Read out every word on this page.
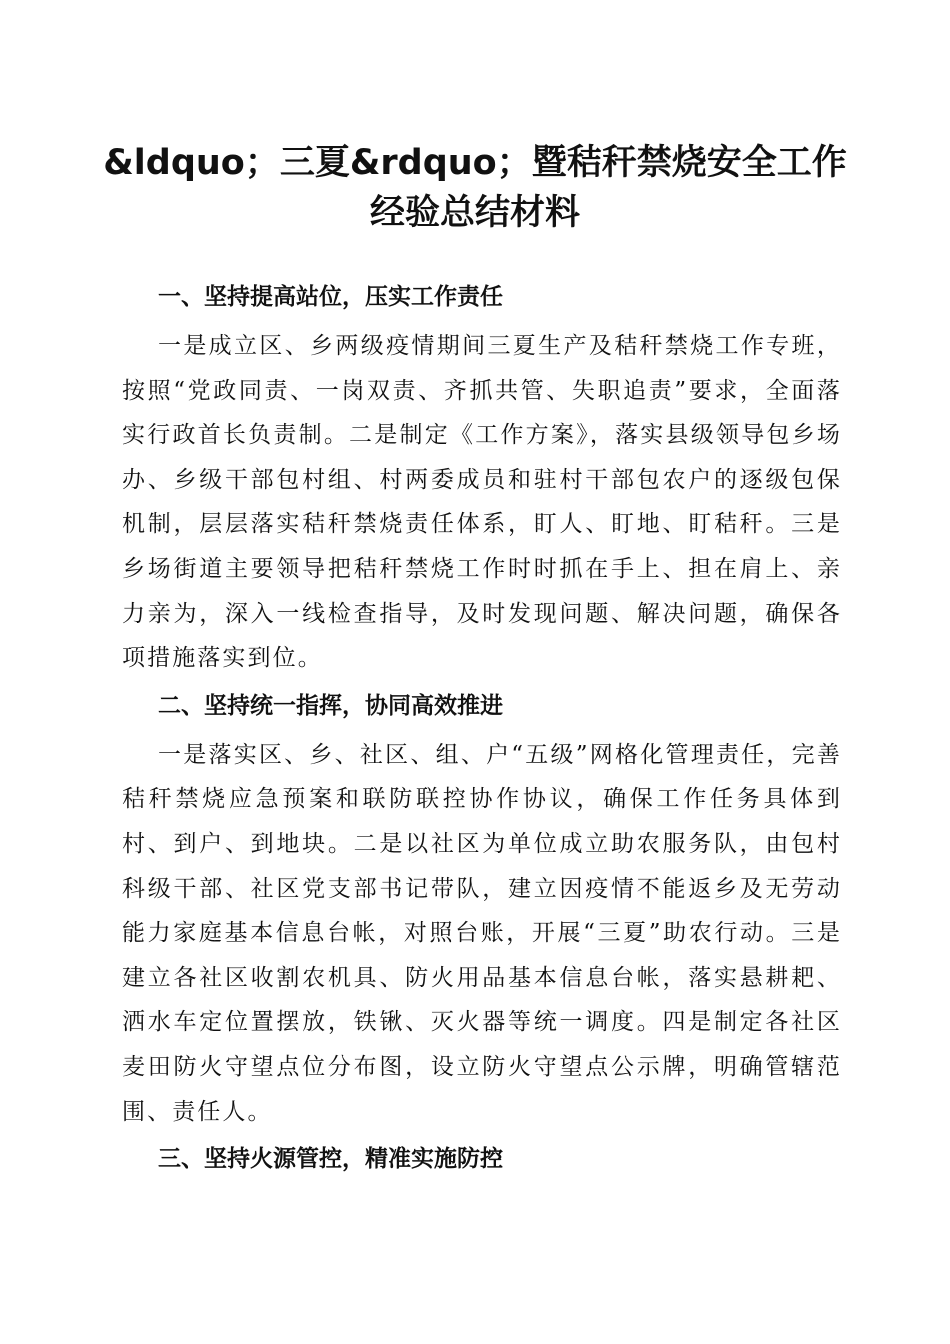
&ldquo；三夏&rdquo；暨秸秆禁烧安全工作
经验总结材料
一、坚持提高站位，压实工作责任

一是成立区、乡两级疫情期间三夏生产及秸秆禁烧工作专班，按照“党政同责、一岗双责、齐抓共管、失职追责”要求，全面落实行政首长负责制。二是制定《工作方案》，落实县级领导包乡场办、乡级干部包村组、村两委成员和驻村干部包农户的逐级包保机制，层层落实秸秆禁烧责任体系，盯人、盯地、盯秸秆。三是乡场街道主要领导把秸秆禁烧工作时时抓在手上、担在肩上、亲力亲为，深入一线检查指导，及时发现问题、解决问题，确保各项措施落实到位。

二、坚持统一指挥，协同高效推进

一是落实区、乡、社区、组、户“五级”网格化管理责任，完善秸秆禁烧应急预案和联防联控协作协议，确保工作任务具体到村、到户、到地块。二是以社区为单位成立助农服务队，由包村科级干部、社区党支部书记带队，建立因疫情不能返乡及无劳动能力家庭基本信息台帐，对照台账，开展“三夏”助农行动。三是建立各社区收割农机具、防火用品基本信息台帐，落实悬耕耙、洒水车定位置摆放，铁锹、灭火器等统一调度。四是制定各社区麦田防火守望点位分布图，设立防火守望点公示牌，明确管辖范围、责任人。

三、坚持火源管控，精准实施防控
